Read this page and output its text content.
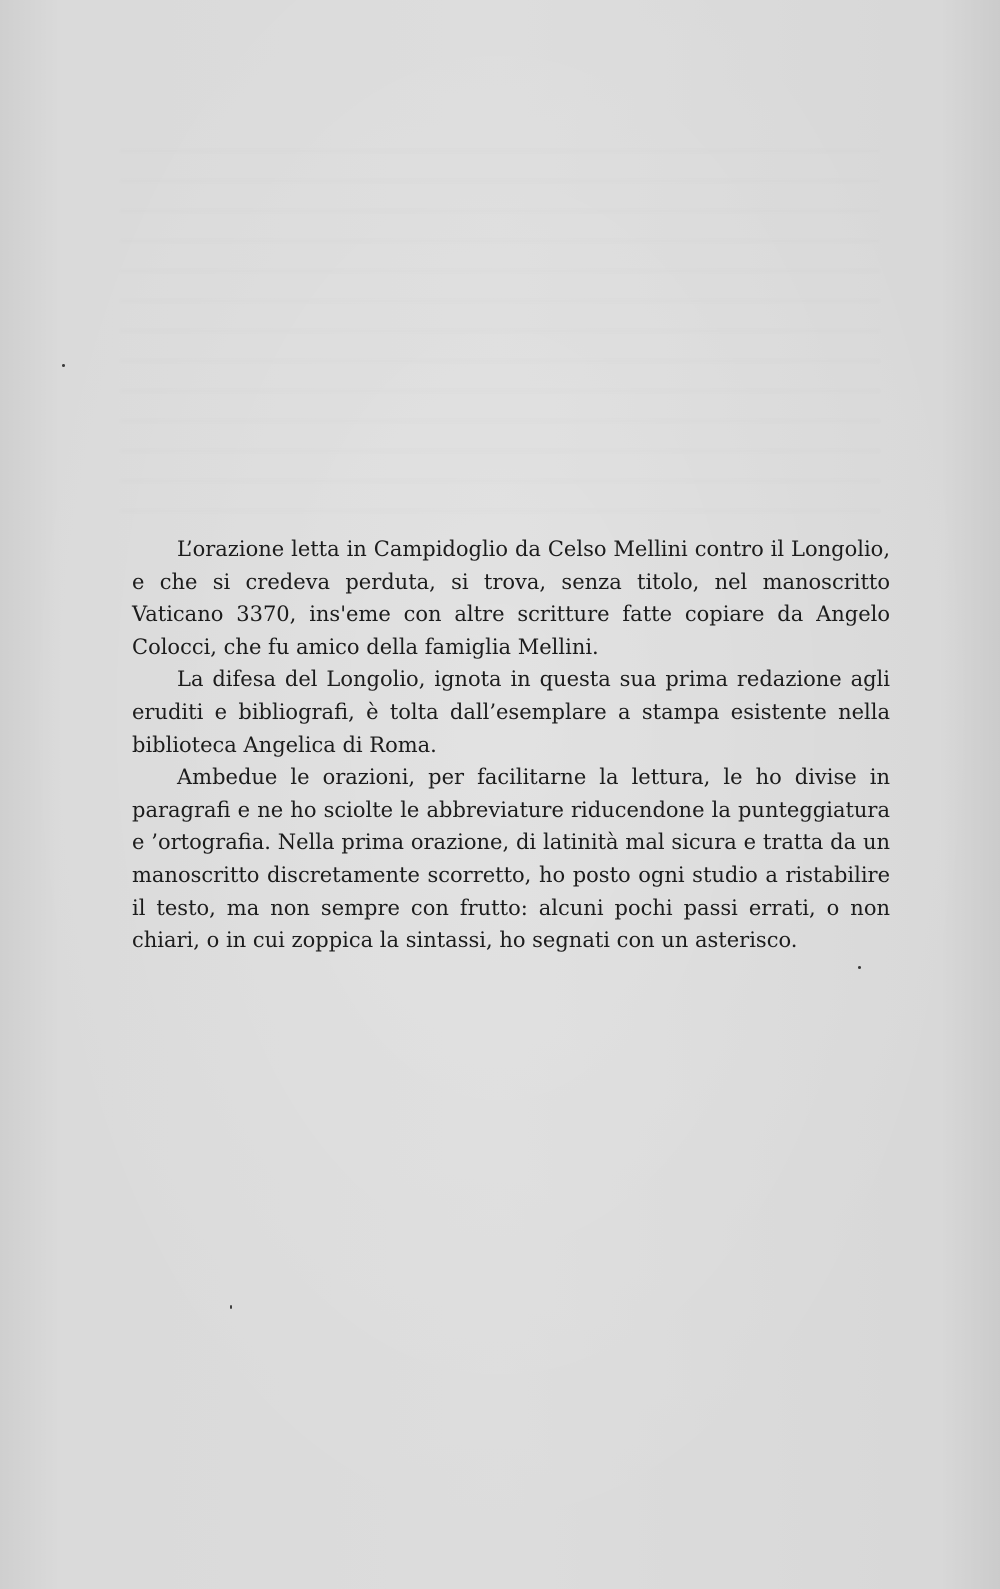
L’orazione letta in Campidoglio da Celso Mellini contro il Longolio, e che si credeva perduta, si trova, senza titolo, nel manoscritto Vaticano 3370, ins'eme con altre scritture fatte copiare da Angelo Colocci, che fu amico della famiglia Mellini.

La difesa del Longolio, ignota in questa sua prima redazione agli eruditi e bibliografi, è tolta dall’esemplare a stampa esistente nella biblioteca Angelica di Roma.

Ambedue le orazioni, per facilitarne la lettura, le ho divise in paragrafi e ne ho sciolte le abbreviature riducendone la punteggiatura e ’ortografia. Nella prima orazione, di latinità mal sicura e tratta da un manoscritto discretamente scorretto, ho posto ogni studio a ristabilire il testo, ma non sempre con frutto: alcuni pochi passi errati, o non chiari, o in cui zoppica la sintassi, ho segnati con un asterisco.
